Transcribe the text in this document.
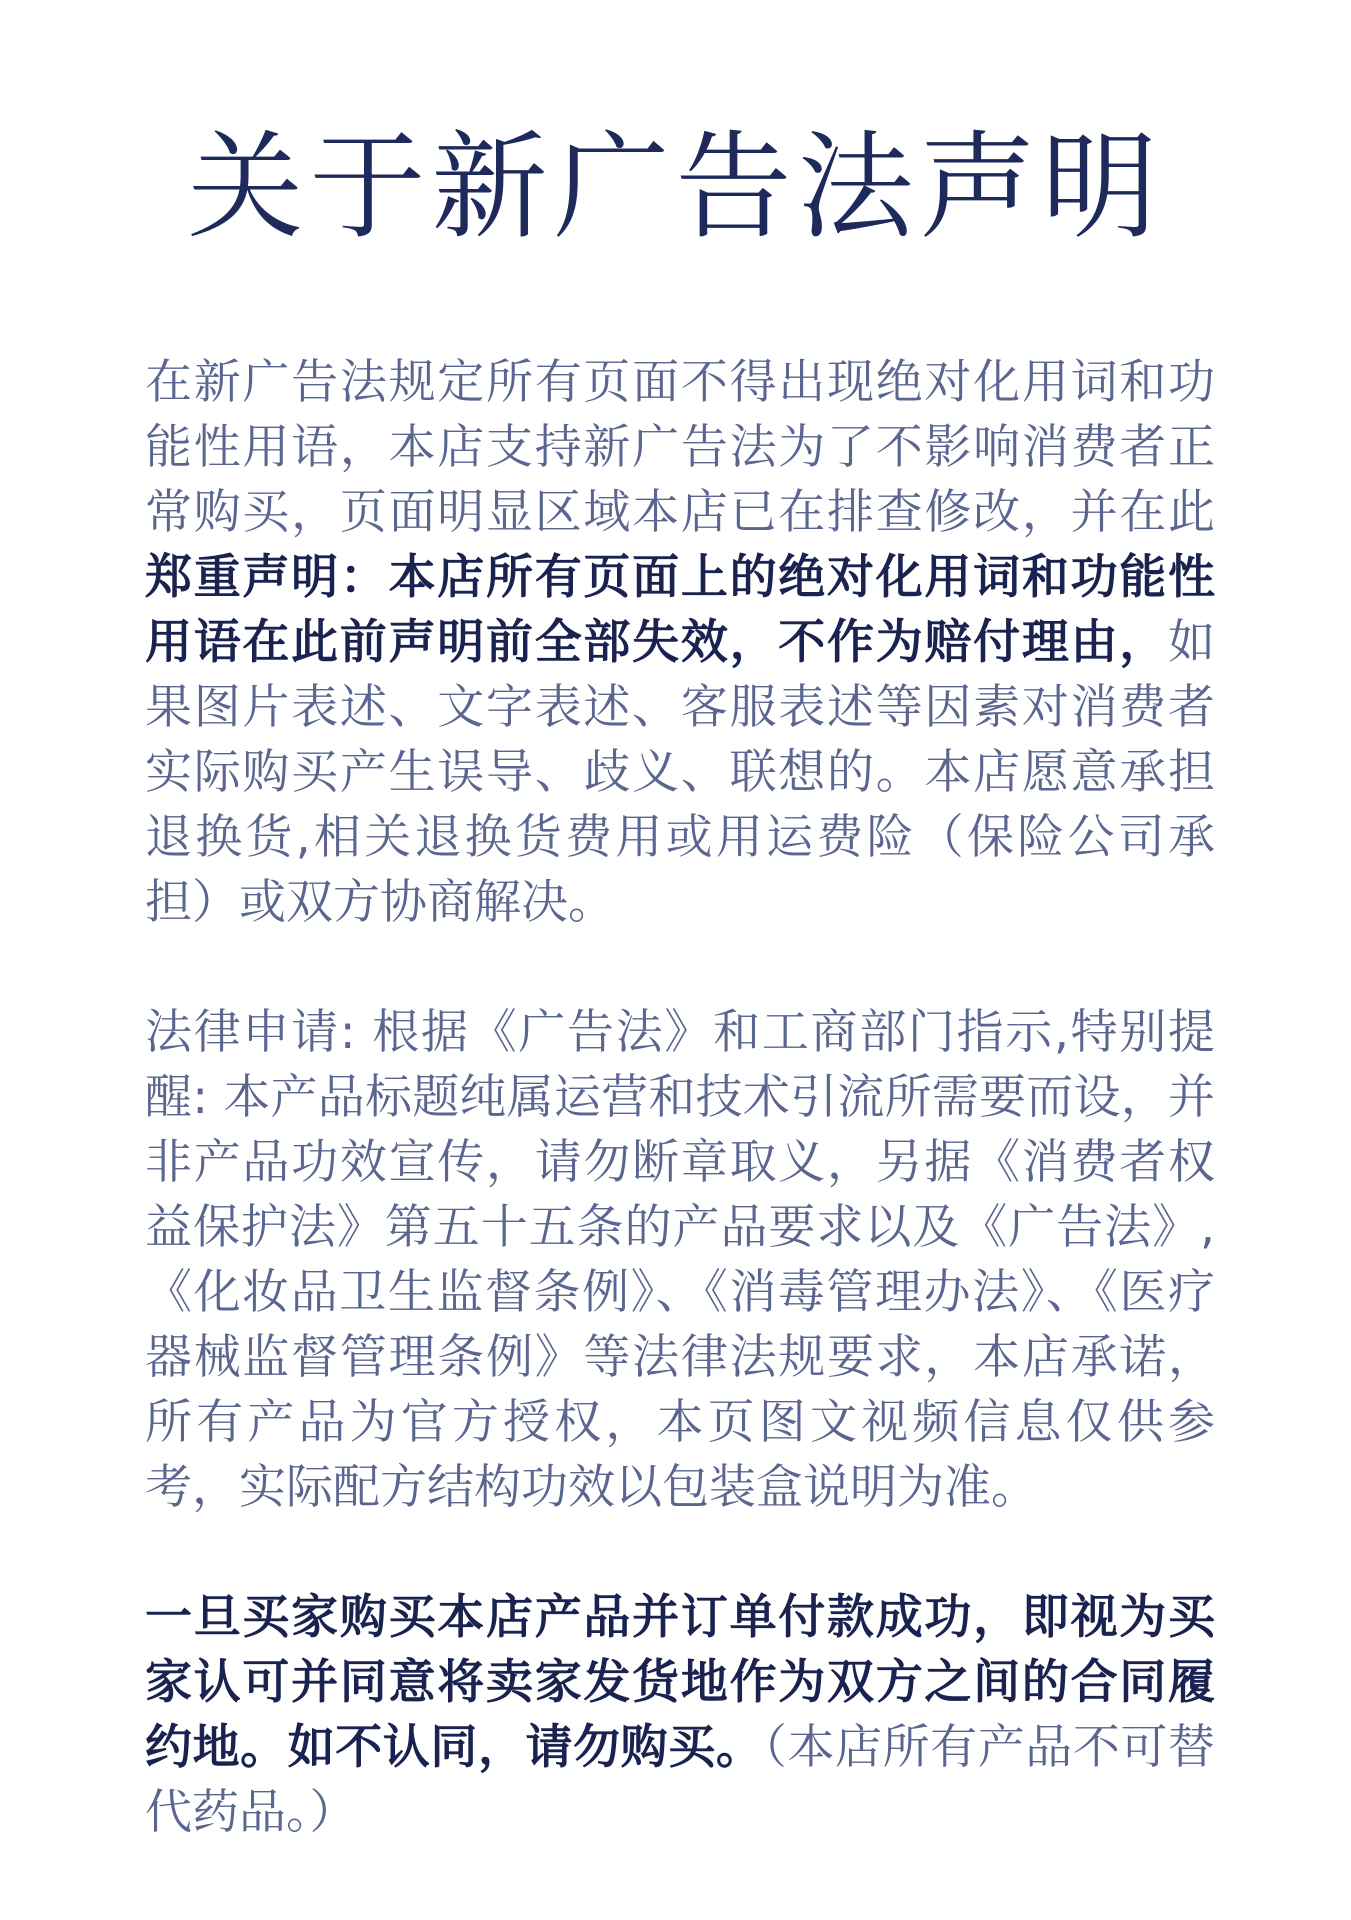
关于新广告法声明

在新广告法规定所有页面不得出现绝对化用词和功能性用语，本店支持新广告法为了不影响消费者正常购买，页面明显区域本店已在排查修改，并在此郑重声明：本店所有页面上的绝对化用词和功能性用语在此前声明前全部失效，不作为赔付理由，如果图片表述、文字表述、客服表述等因素对消费者实际购买产生误导、歧义、联想的。本店愿意承担退换货,相关退换货费用或用运费险（保险公司承担）或双方协商解决。

法律申请: 根据《广告法》和工商部门指示,特别提醒: 本产品标题纯属运营和技术引流所需要而设，并非产品功效宣传，请勿断章取义，另据《消费者权益保护法》第五十五条的产品要求以及《广告法》,《化妆品卫生监督条例》、《消毒管理办法》、《医疗器械监督管理条例》等法律法规要求，本店承诺，所有产品为官方授权，本页图文视频信息仅供参考，实际配方结构功效以包装盒说明为准。

一旦买家购买本店产品并订单付款成功，即视为买家认可并同意将卖家发货地作为双方之间的合同履约地。如不认同，请勿购买。（本店所有产品不可替代药品。）
